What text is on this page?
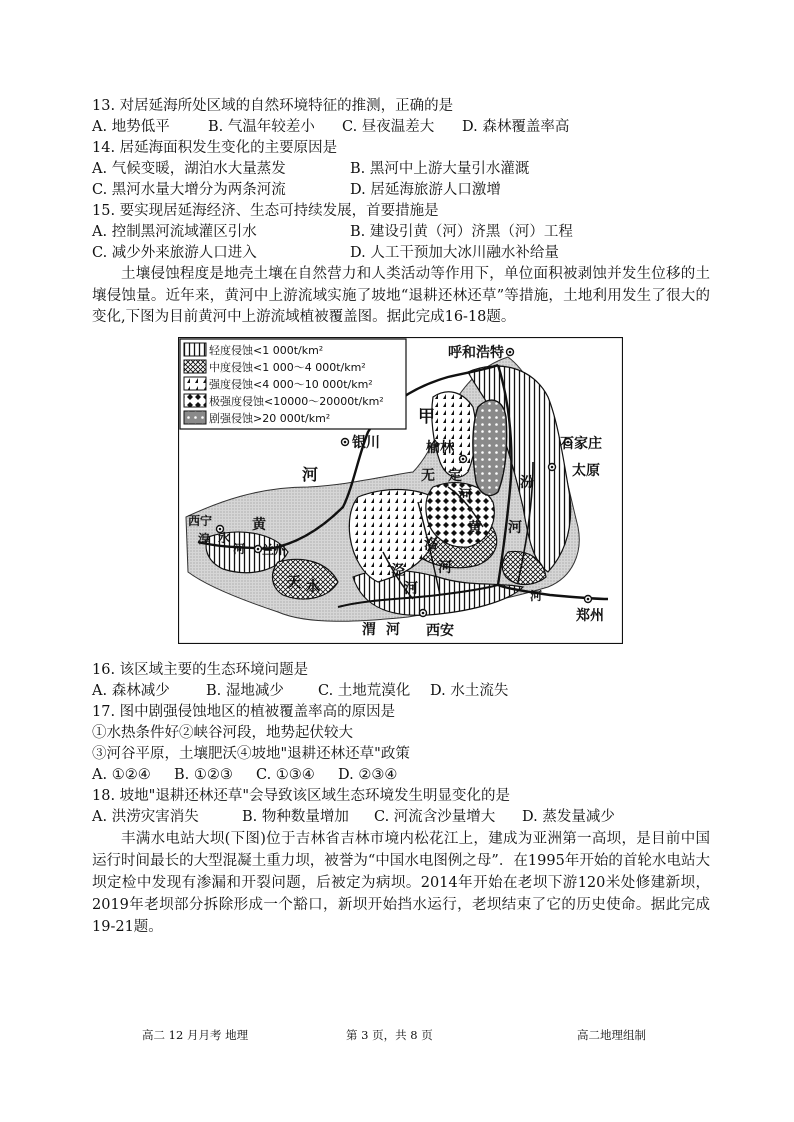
13. 对居延海所处区域的自然环境特征的推测，正确的是
A. 地势低平	B. 气温年较差小 C. 昼夜温差大 D. 森林覆盖率高
14. 居延海面积发生变化的主要原因是
A. 气候变暖，湖泊水大量蒸发	B. 黑河中上游大量引水灌溉
C. 黑河水量大增分为两条河流	D. 居延海旅游人口激增
15. 要实现居延海经济、生态可持续发展，首要措施是
A. 控制黑河流域灌区引水	B. 建设引黄（河）济黑（河）工程
C. 减少外来旅游人口进入	D. 人工干预加大冰川融水补给量
土壤侵蚀程度是地壳土壤在自然营力和人类活动等作用下，单位面积被剥蚀并发生位移的土壤侵蚀量。近年来，黄河中上游流域实施了坡地“退耕还林还草”等措施，土地利用发生了很大的变化,下图为目前黄河中上游流域植被覆盖图。据此完成16-18题。
轻度侵蚀<1 000t/km²
中度侵蚀<1 000～4 000t/km²
强度侵蚀<4 000～10 000t/km²
极强度侵蚀<10000～20000t/km²
剧强侵蚀>20 000t/km²
呼和浩特
银川	榆林	石家庄
太原
西宁
兰州
西安
郑州
甲
河
黄
无 定
河
黄 河
汾
河
洛
河
天 水
泾
河
渭 河
水
湟
河
16. 该区域主要的生态环境问题是
A. 森林减少	B. 湿地减少 C. 土地荒漠化 D. 水土流失
17. 图中剧强侵蚀地区的植被覆盖率高的原因是
①水热条件好②峡谷河段，地势起伏较大
③河谷平原，土壤肥沃④坡地"退耕还林还草"政策
A. ①②④ B. ①②③ C. ①③④ D. ②③④
18. 坡地"退耕还林还草"会导致该区域生态环境发生明显变化的是
A. 洪涝灾害消失	B. 物种数量增加 C. 河流含沙量增大 D. 蒸发量减少
丰满水电站大坝(下图)位于吉林省吉林市境内松花江上，建成为亚洲第一高坝，是目前中国运行时间最长的大型混凝土重力坝，被誉为“中国水电图例之母”．在1995年开始的首轮水电站大坝定检中发现有渗漏和开裂问题，后被定为病坝。2014年开始在老坝下游120米处修建新坝，2019年老坝部分拆除形成一个豁口，新坝开始挡水运行，老坝结束了它的历史使命。据此完成19-21题。
高二 12 月月考 地理	第 3 页，共 8 页	高二地理组制
